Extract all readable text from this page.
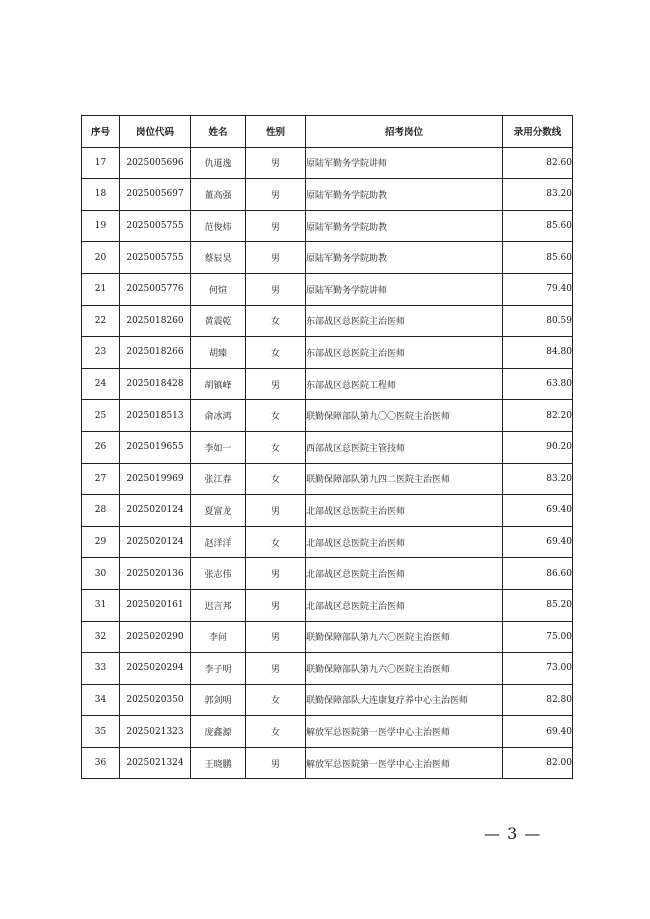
序号	岗位代码	姓名	性别	招考岗位	录用分数线
17	2025005696	仇道逸	男	原陆军勤务学院讲师	82.60
18	2025005697	董高强	男	原陆军勤务学院助教	83.20
19	2025005755	范俊炜	男	原陆军勤务学院助教	85.60
20	2025005755	蔡辰昊	男	原陆军勤务学院助教	85.60
21	2025005776	何煊	男	原陆军勤务学院讲师	79.40
22	2025018260	黄震乾	女	东部战区总医院主治医师	80.59
23	2025018266	胡臻	女	东部战区总医院主治医师	84.80
24	2025018428	胡镇峰	男	东部战区总医院工程师	63.80
25	2025018513	俞冰鸿	女	联勤保障部队第九〇〇医院主治医师	82.20
26	2025019655	李如一	女	西部战区总医院主管技师	90.20
27	2025019969	张江春	女	联勤保障部队第九四二医院主治医师	83.20
28	2025020124	夏富龙	男	北部战区总医院主治医师	69.40
29	2025020124	赵洋洋	女	北部战区总医院主治医师	69.40
30	2025020136	张志伟	男	北部战区总医院主治医师	86.60
31	2025020161	迟言邦	男	北部战区总医院主治医师	85.20
32	2025020290	李问	男	联勤保障部队第九六〇医院主治医师	75.00
33	2025020294	李子明	男	联勤保障部队第九六〇医院主治医师	73.00
34	2025020350	郭剑明	女	联勤保障部队大连康复疗养中心主治医师	82.80
35	2025021323	庞鑫源	女	解放军总医院第一医学中心主治医师	69.40
36	2025021324	王晓鹏	男	解放军总医院第一医学中心主治医师	82.00
— 3 —
